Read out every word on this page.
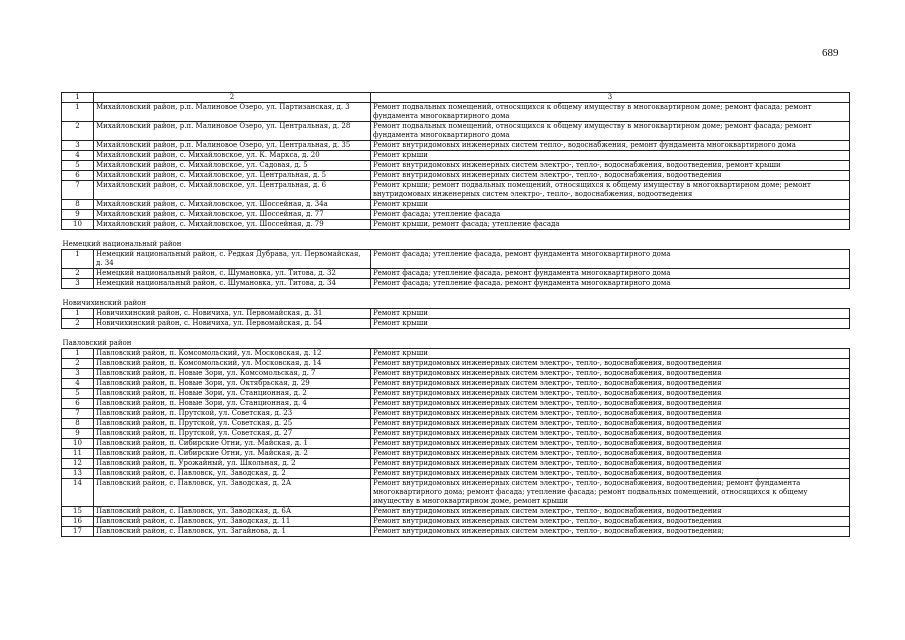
689
1	2	3
1	Михайловский район, р.п. Малиновое Озеро, ул. Партизанская, д. 3	Ремонт подвальных помещений, относящихся к общему имуществу в многоквартирном доме; ремонт фасада; ремонт фундамента многоквартирного дома
2	Михайловский район, р.п. Малиновое Озеро, ул. Центральная, д. 28	Ремонт подвальных помещений, относящихся к общему имуществу в многоквартирном доме; ремонт фасада; ремонт фундамента многоквартирного дома
3	Михайловский район, р.п. Малиновое Озеро, ул. Центральная, д. 35	Ремонт внутридомовых инженерных систем тепло-, водоснабжения, ремонт фундамента многоквартирного дома
4	Михайловский район, с. Михайловское, ул. К. Маркса, д. 20	Ремонт крыши
5	Михайловский район, с. Михайловское, ул. Садовая, д. 5	Ремонт внутридомовых инженерных систем электро-, тепло-, водоснабжения, водоотведения, ремонт крыши
6	Михайловский район, с. Михайловское, ул. Центральная, д. 5	Ремонт внутридомовых инженерных систем электро-, тепло-, водоснабжения, водоотведения
7	Михайловский район, с. Михайловское, ул. Центральная, д. 6	Ремонт крыши; ремонт подвальных помещений, относящихся к общему имуществу в многоквартирном доме; ремонт внутридомовых инженерных систем электро-, тепло-, водоснабжения, водоотведения
8	Михайловский район, с. Михайловское, ул. Шоссейная, д. 34а	Ремонт крыши
9	Михайловский район, с. Михайловское, ул. Шоссейная, д. 77	Ремонт фасада; утепление фасада
10	Михайловский район, с. Михайловское, ул. Шоссейная, д. 79	Ремонт крыши, ремонт фасада; утепление фасада

Немецкий национальный район		
1	Немецкий национальный район, с. Редкая Дубрава, ул. Первомайская, д. 34	Ремонт фасада; утепление фасада, ремонт фундамента многоквартирного дома
2	Немецкий национальный район, с. Шумановка, ул. Титова, д. 32	Ремонт фасада; утепление фасада, ремонт фундамента многоквартирного дома
3	Немецкий национальный район, с. Шумановка, ул. Титова, д. 34	Ремонт фасада; утепление фасада, ремонт фундамента многоквартирного дома

Новичихинский район		
1	Новичихинский район, с. Новичиха, ул. Первомайская, д. 31	Ремонт крыши
2	Новичихинский район, с. Новичиха, ул. Первомайская, д. 54	Ремонт крыши

Павловский район		
1	Павловский район, п. Комсомольский, ул. Московская, д. 12	Ремонт крыши
2	Павловский район, п. Комсомольский, ул. Московская, д. 14	Ремонт внутридомовых инженерных систем электро-, тепло-, водоснабжения, водоотведения
3	Павловский район, п. Новые Зори, ул. Комсомольская, д. 7	Ремонт внутридомовых инженерных систем электро-, тепло-, водоснабжения, водоотведения
4	Павловский район, п. Новые Зори, ул. Октябрьская, д. 29	Ремонт внутридомовых инженерных систем электро-, тепло-, водоснабжения, водоотведения
5	Павловский район, п. Новые Зори, ул. Станционная, д. 2	Ремонт внутридомовых инженерных систем электро-, тепло-, водоснабжения, водоотведения
6	Павловский район, п. Новые Зори, ул. Станционная, д. 4	Ремонт внутридомовых инженерных систем электро-, тепло-, водоснабжения, водоотведения
7	Павловский район, п. Прутской, ул. Советская, д. 23	Ремонт внутридомовых инженерных систем электро-, тепло-, водоснабжения, водоотведения
8	Павловский район, п. Прутской, ул. Советская, д. 25	Ремонт внутридомовых инженерных систем электро-, тепло-, водоснабжения, водоотведения
9	Павловский район, п. Прутской, ул. Советская, д. 27	Ремонт внутридомовых инженерных систем электро-, тепло-, водоснабжения, водоотведения
10	Павловский район, п. Сибирские Огни, ул. Майская, д. 1	Ремонт внутридомовых инженерных систем электро-, тепло-, водоснабжения, водоотведения
11	Павловский район, п. Сибирские Огни, ул. Майская, д. 2	Ремонт внутридомовых инженерных систем электро-, тепло-, водоснабжения, водоотведения
12	Павловский район, п. Урожайный, ул. Школьная, д. 2	Ремонт внутридомовых инженерных систем электро-, тепло-, водоснабжения, водоотведения
13	Павловский район, с. Павловск, ул. Заводская, д. 2	Ремонт внутридомовых инженерных систем электро-, тепло-, водоснабжения, водоотведения
14	Павловский район, с. Павловск, ул. Заводская, д. 2А	Ремонт внутридомовых инженерных систем электро-, тепло-, водоснабжения, водоотведения; ремонт фундамента многоквартирного дома; ремонт фасада; утепление фасада; ремонт подвальных помещений, относящихся к общему имуществу в многоквартирном доме, ремонт крыши
15	Павловский район, с. Павловск, ул. Заводская, д. 6А	Ремонт внутридомовых инженерных систем электро-, тепло-, водоснабжения, водоотведения
16	Павловский район, с. Павловск, ул. Заводская, д. 11	Ремонт внутридомовых инженерных систем электро-, тепло-, водоснабжения, водоотведения
17	Павловский район, с. Павловск, ул. Загайнова, д. 1	Ремонт внутридомовых инженерных систем электро-, тепло-, водоснабжения, водоотведения;
